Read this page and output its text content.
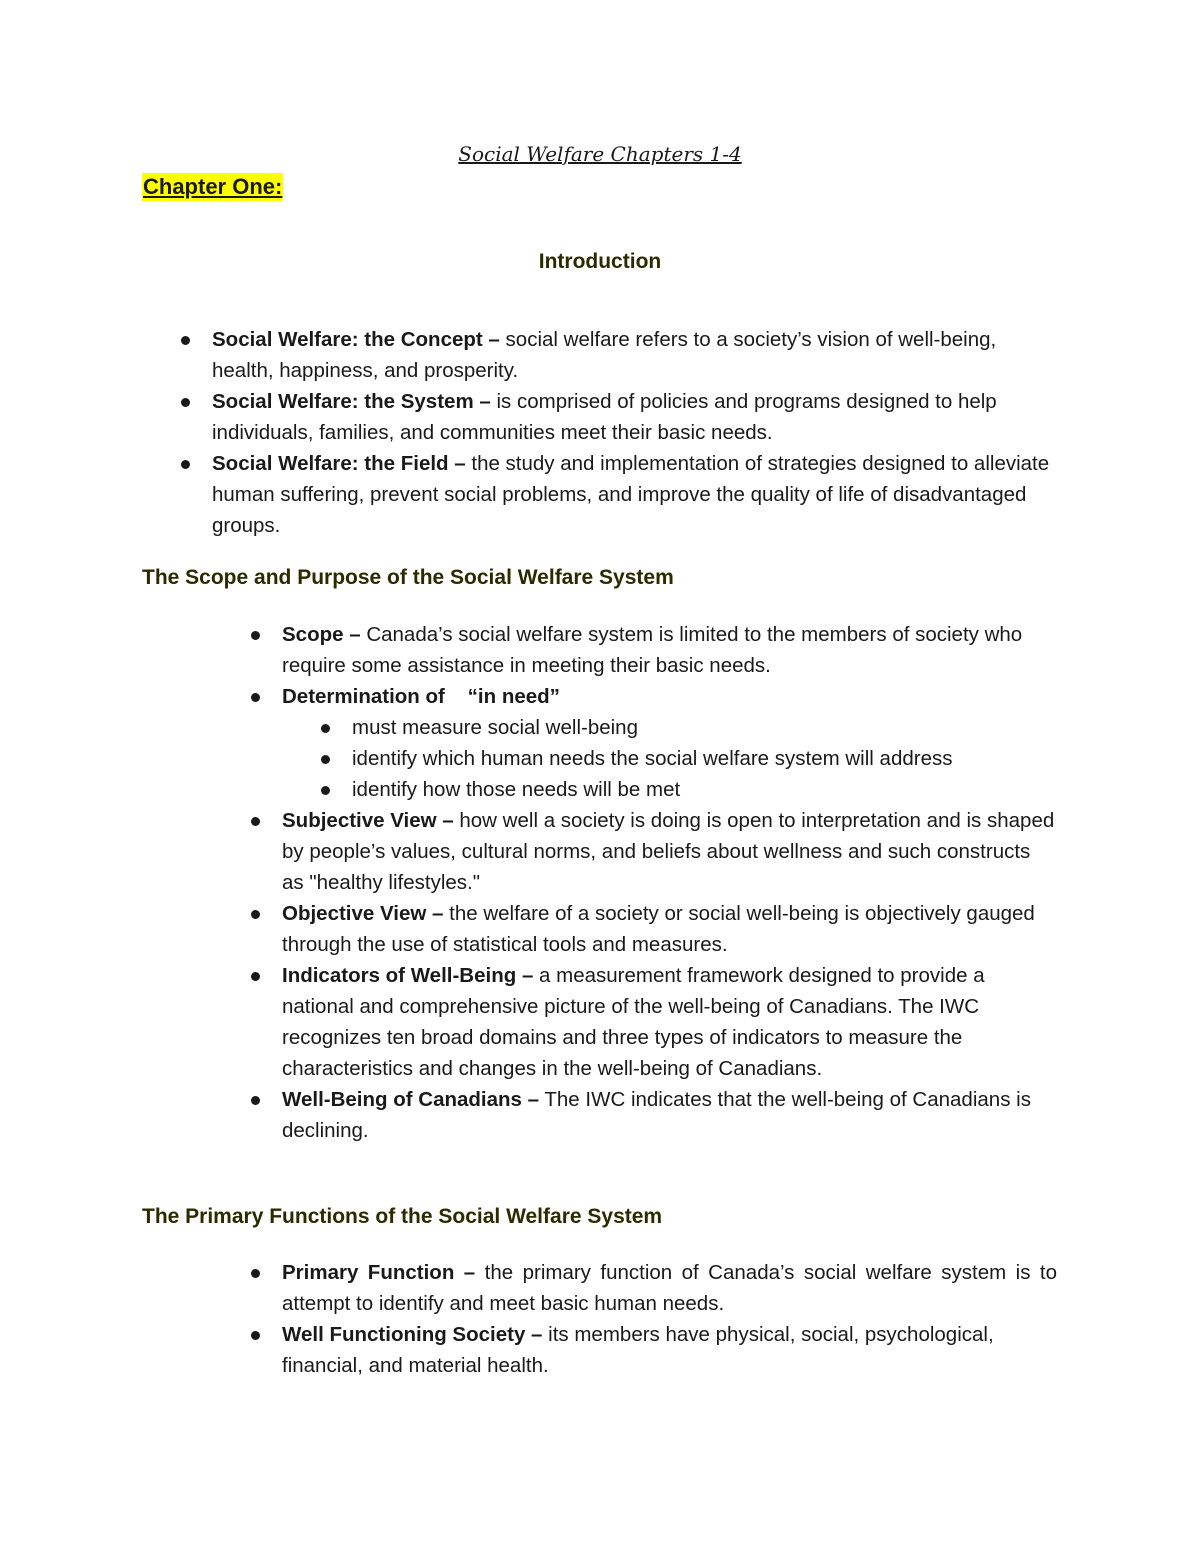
Social Welfare Chapters 1-4
Chapter One:
Introduction
Social Welfare: the Concept – social welfare refers to a society’s vision of well-being, health, happiness, and prosperity.
Social Welfare: the System – is comprised of policies and programs designed to help individuals, families, and communities meet their basic needs.
Social Welfare: the Field – the study and implementation of strategies designed to alleviate human suffering, prevent social problems, and improve the quality of life of disadvantaged groups.
The Scope and Purpose of the Social Welfare System
Scope – Canada’s social welfare system is limited to the members of society who require some assistance in meeting their basic needs.
Determination of    “in need”
must measure social well-being
identify which human needs the social welfare system will address
identify how those needs will be met
Subjective View – how well a society is doing is open to interpretation and is shaped by people’s values, cultural norms, and beliefs about wellness and such constructs as "healthy lifestyles."
Objective View – the welfare of a society or social well-being is objectively gauged through the use of statistical tools and measures.
Indicators of Well-Being – a measurement framework designed to provide a national and comprehensive picture of the well-being of Canadians. The IWC recognizes ten broad domains and three types of indicators to measure the characteristics and changes in the well-being of Canadians.
Well-Being of Canadians – The IWC indicates that the well-being of Canadians is declining.
The Primary Functions of the Social Welfare System
Primary Function – the primary function of Canada’s social welfare system is to attempt to identify and meet basic human needs.
Well Functioning Society – its members have physical, social, psychological, financial, and material health.
